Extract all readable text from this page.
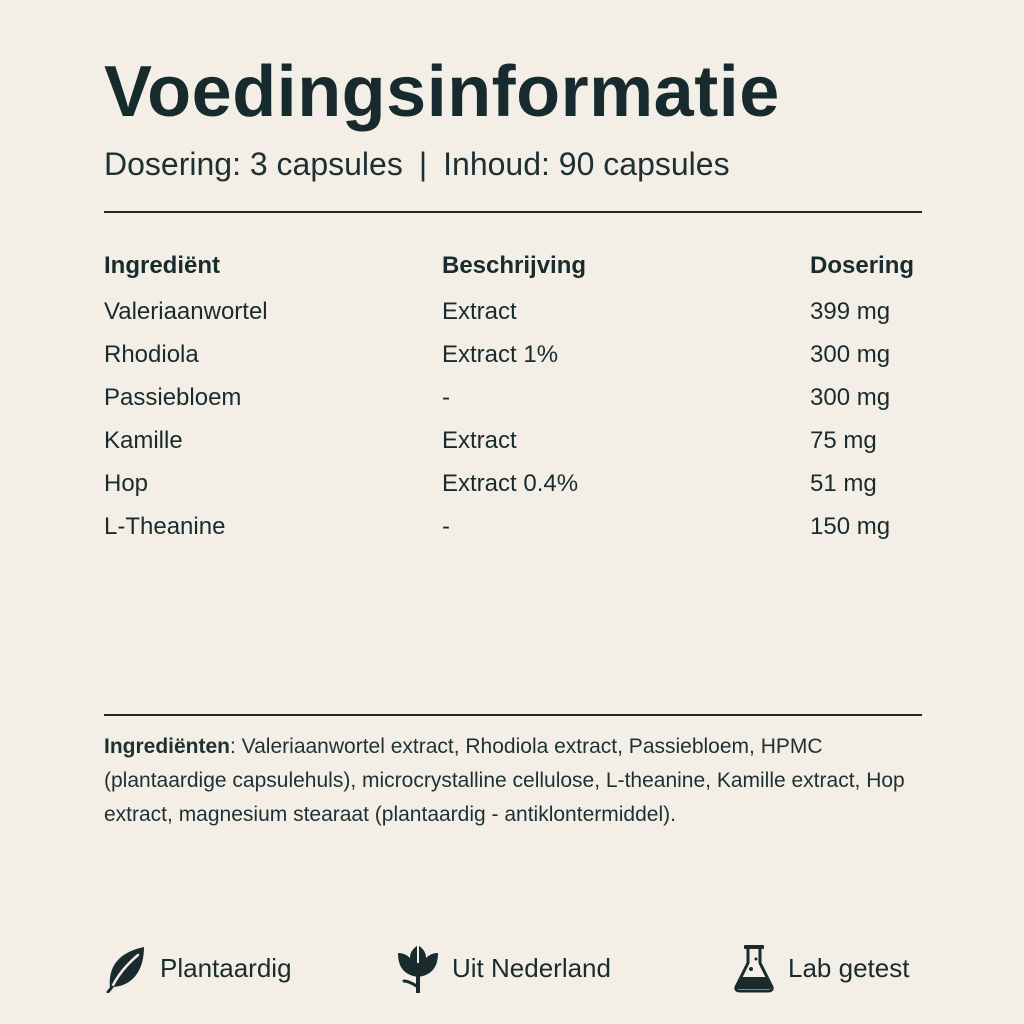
Voedingsinformatie
Dosering: 3 capsules | Inhoud: 90 capsules
Ingrediënt	Beschrijving	Dosering
Valeriaanwortel	Extract	399 mg
Rhodiola	Extract 1%	300 mg
Passiebloem	-	300 mg
Kamille	Extract	75 mg
Hop	Extract 0.4%	51 mg
L-Theanine	-	150 mg

Ingrediënten: Valeriaanwortel extract, Rhodiola extract, Passiebloem, HPMC (plantaardige capsulehuls), microcrystalline cellulose, L-theanine, Kamille extract, Hop extract, magnesium stearaat (plantaardig - antiklontermiddel).

Plantaardig	Uit Nederland	Lab getest
